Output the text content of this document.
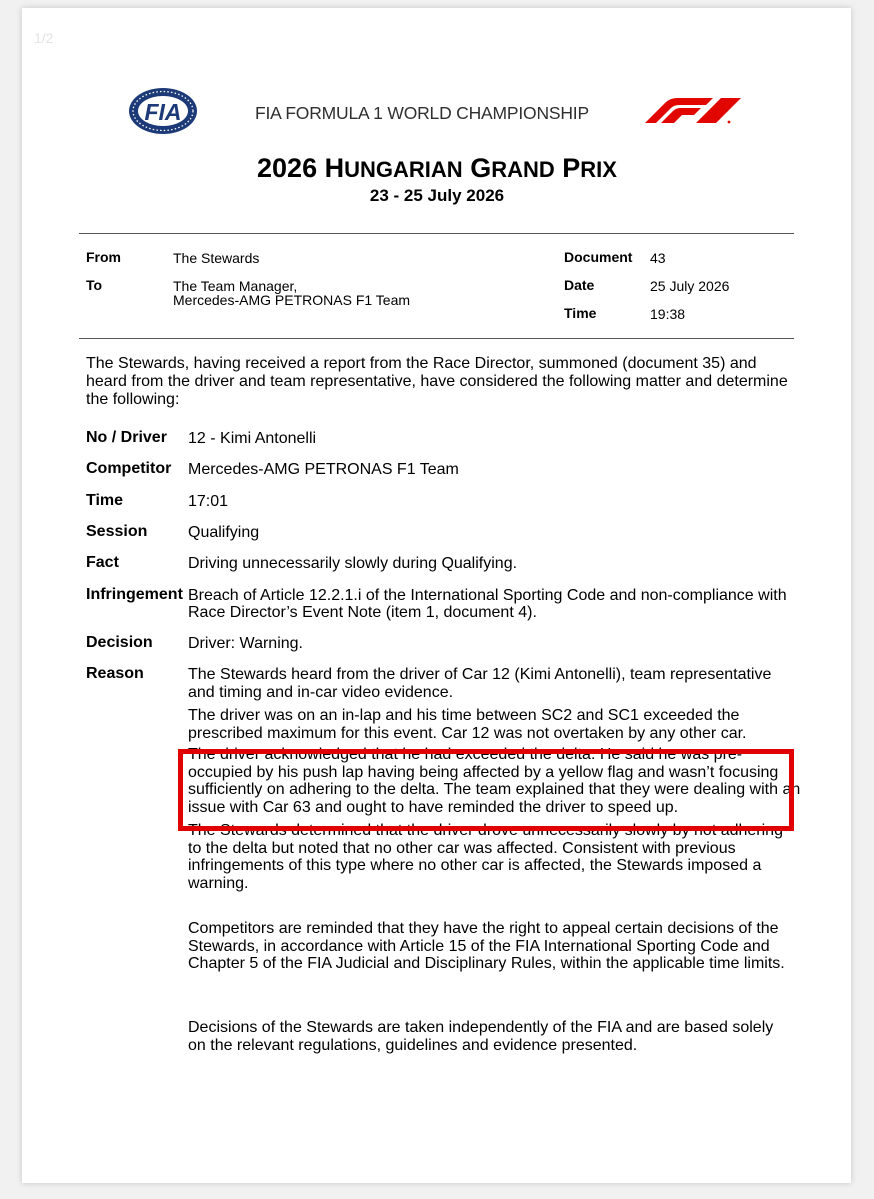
1/2
FIA	FIA FORMULA 1 WORLD CHAMPIONSHIP
2026 HUNGARIAN GRAND PRIX
23 - 25 July 2026
From	The Stewards
To	The Team Manager,
Mercedes-AMG PETRONAS F1 Team
Document 43
Date	25 July 2026
Time	19:38
The Stewards, having received a report from the Race Director, summoned (document 35) and
heard from the driver and team representative, have considered the following matter and determine
the following:
No / Driver 12 - Kimi Antonelli
Competitor Mercedes-AMG PETRONAS F1 Team
Time	17:01
Session	Qualifying
Fact	Driving unnecessarily slowly during Qualifying.
Infringement Breach of Article 12.2.1.i of the International Sporting Code and non-compliance with
Race Director’s Event Note (item 1, document 4).
Decision Driver: Warning.
Reason	The Stewards heard from the driver of Car 12 (Kimi Antonelli), team representative
and timing and in-car video evidence.
The driver was on an in-lap and his time between SC2 and SC1 exceeded the
prescribed maximum for this event. Car 12 was not overtaken by any other car.
The driver acknowledged that he had exceeded the delta. He said he was pre-
occupied by his push lap having being affected by a yellow flag and wasn’t focusing
sufficiently on adhering to the delta. The team explained that they were dealing with an
issue with Car 63 and ought to have reminded the driver to speed up.
The Stewards determined that the driver drove unnecessarily slowly by not adhering
to the delta but noted that no other car was affected. Consistent with previous
infringements of this type where no other car is affected, the Stewards imposed a
warning.
Competitors are reminded that they have the right to appeal certain decisions of the
Stewards, in accordance with Article 15 of the FIA International Sporting Code and
Chapter 5 of the FIA Judicial and Disciplinary Rules, within the applicable time limits.
Decisions of the Stewards are taken independently of the FIA and are based solely
on the relevant regulations, guidelines and evidence presented.
